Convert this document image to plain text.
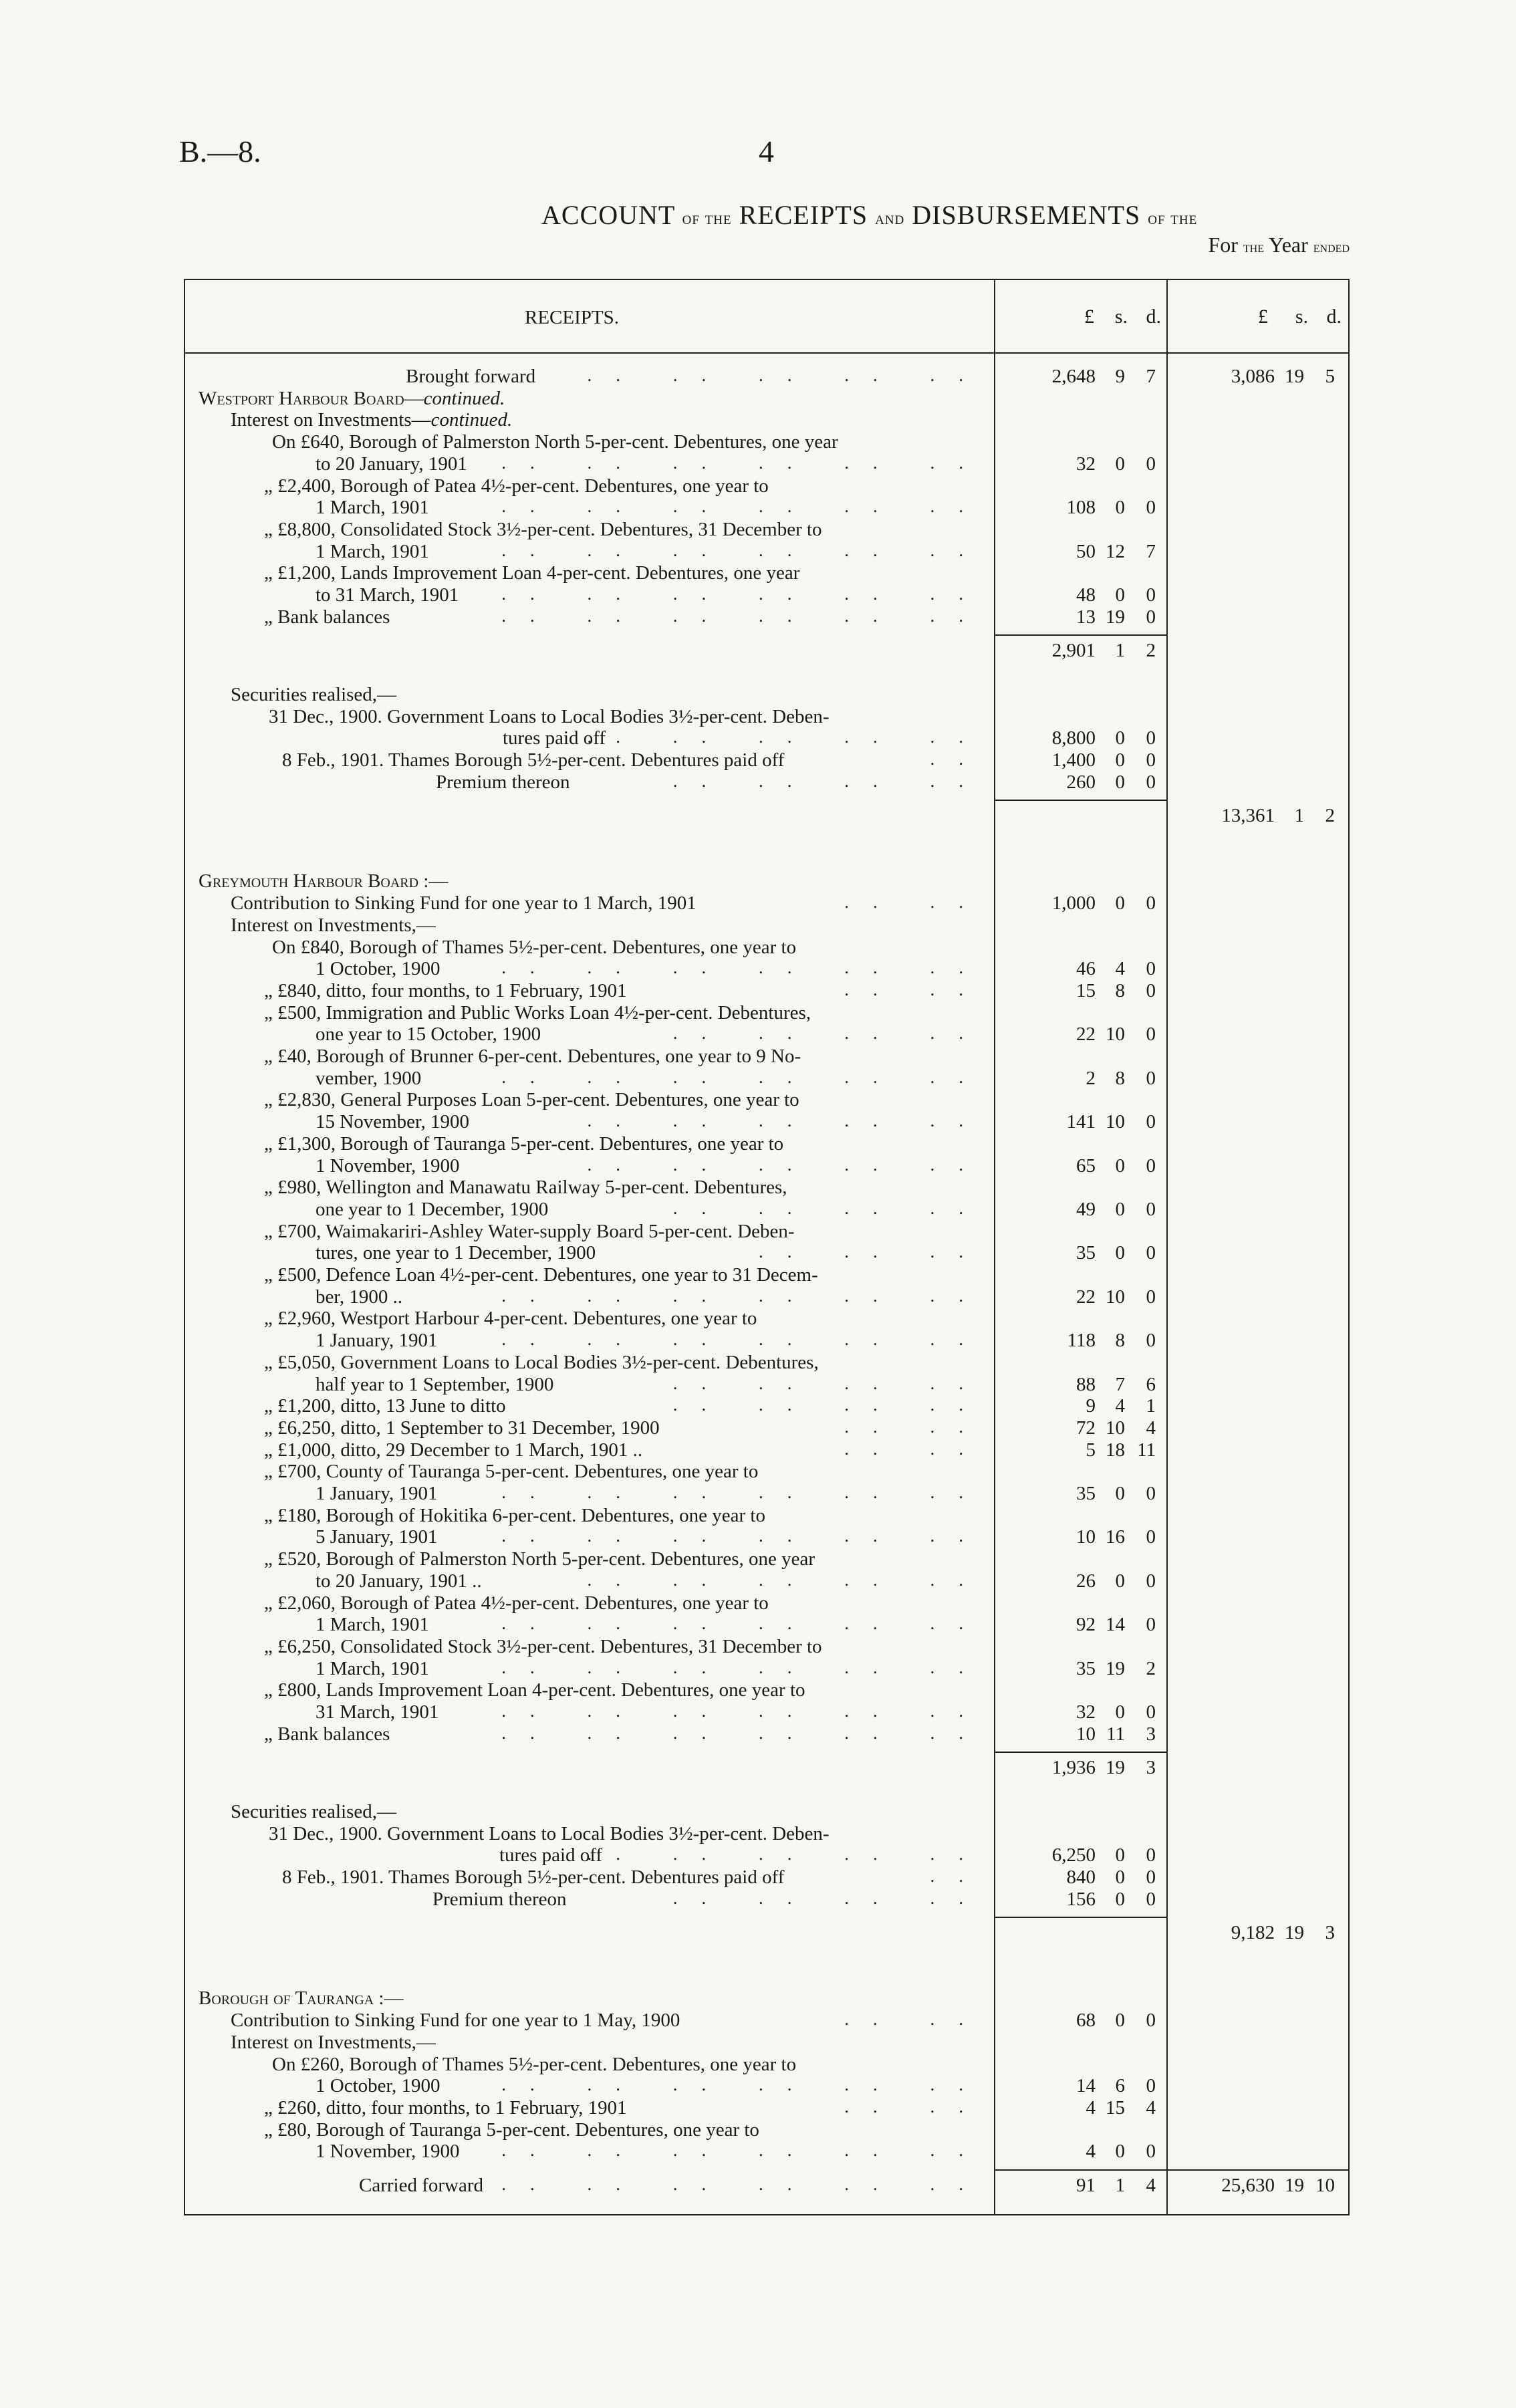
B.—8.	4
ACCOUNT of the RECEIPTS and DISBURSEMENTS of the
For the Year ended
RECEIPTS.	£	s. d.	£	s. d.
Brought forward	.. .. .. .. ..	2,648	9	7	3,086 19	5
Westport Harbour Board—continued.
Interest on Investments—continued.
On £640, Borough of Palmerston North 5-per-cent. Debentures, one year
to 20 January, 1901 .. .. .. .. .. ..	32	0	0
„ £2,400, Borough of Patea 4½-per-cent. Debentures, one year to
1 March, 1901	.. .. .. .. .. ..	108	0	0
„ £8,800, Consolidated Stock 3½-per-cent. Debentures, 31 December to
1 March, 1901	.. .. .. .. .. ..	50 12	7
„ £1,200, Lands Improvement Loan 4-per-cent. Debentures, one year
to 31 March, 1901 .. .. .. .. .. ..	48	0	0
„ Bank balances	.. .. .. .. .. ..	13 19	0
2,901	1	2
Securities realised,—
31 Dec., 1900. Government Loans to Local Bodies 3½-per-cent. Deben-
tures paid off
.. .. .. .. ..	8,800	0	0
8 Feb., 1901. Thames Borough 5½-per-cent. Debentures paid off	..	1,400	0	0
Premium thereon	.. .. .. ..	260	0	0
13,361	1	2
Greymouth Harbour Board :—
Contribution to Sinking Fund for one year to 1 March, 1901	.. ..	1,000	0	0
Interest on Investments,—
On £840, Borough of Thames 5½-per-cent. Debentures, one year to
1 October, 1900	.. .. .. .. .. ..	46	4	0
„ £840, ditto, four months, to 1 February, 1901	.. ..	15	8	0
„ £500, Immigration and Public Works Loan 4½-per-cent. Debentures,
one year to 15 October, 1900	.. .. .. ..	22 10	0
„ £40, Borough of Brunner 6-per-cent. Debentures, one year to 9 No-
vember, 1900	.. .. .. .. .. ..	2	8	0
„ £2,830, General Purposes Loan 5-per-cent. Debentures, one year to
15 November, 1900	.. .. .. .. ..	141 10	0
„ £1,300, Borough of Tauranga 5-per-cent. Debentures, one year to
1 November, 1900	.. .. .. .. ..	65	0	0
„ £980, Wellington and Manawatu Railway 5-per-cent. Debentures,
one year to 1 December, 1900	.. .. .. ..	49	0	0
„ £700, Waimakariri-Ashley Water-supply Board 5-per-cent. Deben-
tures, one year to 1 December, 1900	.. .. ..	35	0	0
„ £500, Defence Loan 4½-per-cent. Debentures, one year to 31 Decem-
ber, 1900 ..	.. .. .. .. .. ..	22 10	0
„ £2,960, Westport Harbour 4-per-cent. Debentures, one year to
1 January, 1901	.. .. .. .. .. ..	118	8	0
„ £5,050, Government Loans to Local Bodies 3½-per-cent. Debentures,
half year to 1 September, 1900	.. .. .. ..	88	7	6
„ £1,200, ditto, 13 June to ditto	.. .. .. ..	9	4	1
„ £6,250, ditto, 1 September to 31 December, 1900	.. ..	72 10	4
„ £1,000, ditto, 29 December to 1 March, 1901 ..	.. ..	5 18 11
„ £700, County of Tauranga 5-per-cent. Debentures, one year to
1 January, 1901	.. .. .. .. .. ..	35	0	0
„ £180, Borough of Hokitika 6-per-cent. Debentures, one year to
5 January, 1901	.. .. .. .. .. ..	10 16	0
„ £520, Borough of Palmerston North 5-per-cent. Debentures, one year
to 20 January, 1901 ..	.. .. .. .. ..	26	0	0
„ £2,060, Borough of Patea 4½-per-cent. Debentures, one year to
1 March, 1901	.. .. .. .. .. ..	92 14	0
„ £6,250, Consolidated Stock 3½-per-cent. Debentures, 31 December to
1 March, 1901	.. .. .. .. .. ..	35 19	2
„ £800, Lands Improvement Loan 4-per-cent. Debentures, one year to
31 March, 1901	.. .. .. .. .. ..	32	0	0
„ Bank balances	.. .. .. .. .. ..	10 11	3
1,936 19	3
Securities realised,—
31 Dec., 1900. Government Loans to Local Bodies 3½-per-cent. Deben-
tures paid off
.. .. .. .. ..	6,250	0	0
8 Feb., 1901. Thames Borough 5½-per-cent. Debentures paid off	..	840	0	0
Premium thereon	.. .. .. ..	156	0	0
9,182 19	3
Borough of Tauranga :—
Contribution to Sinking Fund for one year to 1 May, 1900	.. ..	68	0	0
Interest on Investments,—
On £260, Borough of Thames 5½-per-cent. Debentures, one year to
1 October, 1900	.. .. .. .. .. ..	14	6	0
„ £260, ditto, four months, to 1 February, 1901	.. ..	4 15	4
„ £80, Borough of Tauranga 5-per-cent. Debentures, one year to
1 November, 1900 .. .. .. .. .. ..	4	0	0
Carried forward .. .. .. .. .. ..	91	1	4	25,630 19 10
